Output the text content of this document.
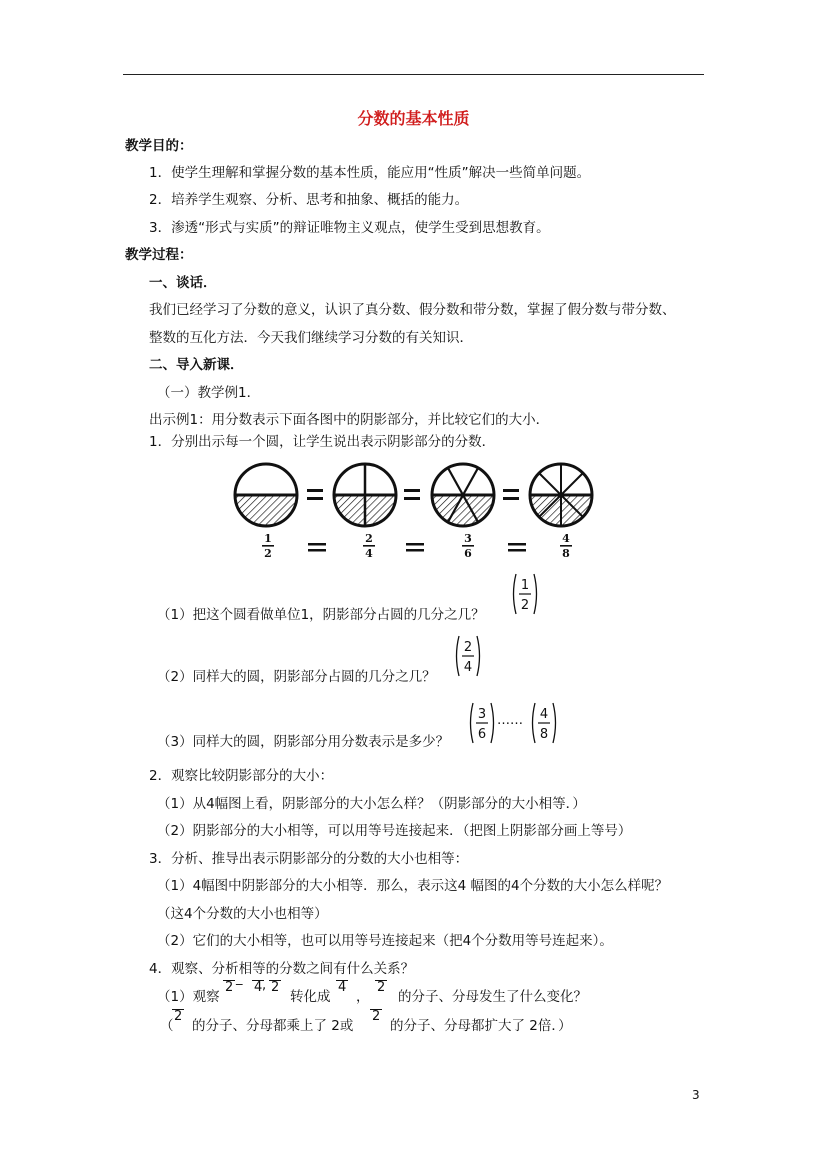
分数的基本性质
教学目的：
1．使学生理解和掌握分数的基本性质，能应用“性质”解决一些简单问题。
2．培养学生观察、分析、思考和抽象、概括的能力。
3．渗透“形式与实质”的辩证唯物主义观点，使学生受到思想教育。
教学过程：
一、谈话．
我们已经学习了分数的意义，认识了真分数、假分数和带分数，掌握了假分数与带分数、
整数的互化方法．今天我们继续学习分数的有关知识．
二、导入新课．
（一）教学例1．
出示例1：用分数表示下面各图中的阴影部分，并比较它们的大小．
1．分别出示每一个圆，让学生说出表示阴影部分的分数．
1
2
2
4
3
6
4
8
（1）把这个圆看做单位1，阴影部分占圆的几分之几？
1
2
（2）同样大的圆，阴影部分占圆的几分之几？
2
4
（3）同样大的圆，阴影部分用分数表示是多少？
3
6
…… 4
8
2．观察比较阴影部分的大小：
（1）从4幅图上看，阴影部分的大小怎么样？（阴影部分的大小相等．）
（2）阴影部分的大小相等，可以用等号连接起来．（把图上阴影部分画上等号）
3．分析、推导出表示阴影部分的分数的大小也相等：
（1）4幅图中阴影部分的大小相等．那么，表示这4 幅图的4个分数的大小怎么样呢？
（这4个分数的大小也相等）
（2）它们的大小相等，也可以用等号连接起来（把4个分数用等号连起来）。
4．观察、分析相等的分数之间有什么关系？
（1）观察
2 ‾ 4 , 2
转化成
4
，
2
的分子、分母发生了什么变化？
（
2
的分子、分母都乘上了 2或
2
的分子、分母都扩大了 2倍．）
3
